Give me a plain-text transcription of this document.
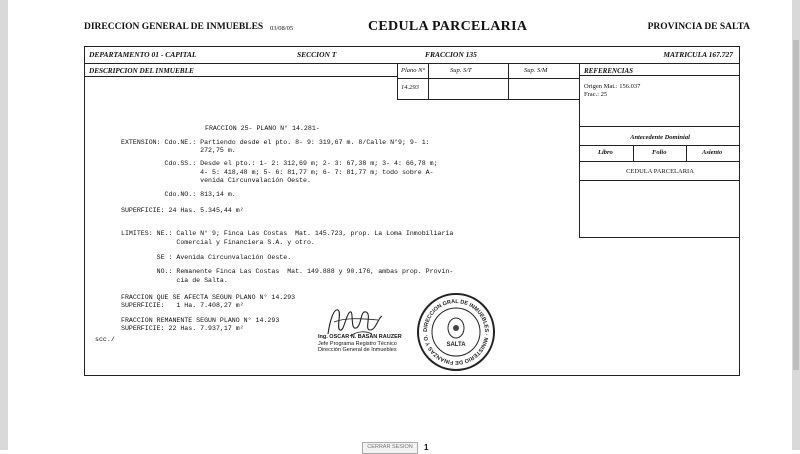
DIRECCION GENERAL DE INMUEBLES 03/08/05	CEDULA PARCELARIA	PROVINCIA DE SALTA
DEPARTAMENTO 01 - CAPITAL	SECCION T	FRACCION 135	MATRICULA 167.727
DESCRIPCION DEL INMUEBLE	Plano N°	Sup. S/T	Sup. S/M
14.293
REFERENCIAS
Origen Mat.: 156.037
Frac.: 25
Antecedente Dominial
Libro	Folio	Asiento
CEDULA PARCELARIA
FRACCION 25- PLANO N° 14.281-
EXTENSION: Cdo.NE.: Partiendo desde el pto. 8- 9: 319,67 m. 8/Calle N°9; 9- 1:
272,75 m.
Cdo.SS.: Desde el pto.: 1- 2: 312,69 m; 2- 3: 67,38 m; 3- 4: 66,78 m;
4- 5: 418,48 m; 5- 6: 81,77 m; 6- 7: 81,77 m; todo sobre A-
venida Circunvalación Oeste.
Cdo.NO.: 813,14 m.
SUPERFICIE: 24 Has. 5.345,44 m²
LIMITES: NE.: Calle N° 9; Finca Las Costas  Mat. 145.723, prop. La Loma Inmobiliaria
Comercial y Financiera S.A. y otro.
SE : Avenida Circunvalación Oeste.
NO.: Remanente Finca Las Costas  Mat. 149.888 y 90.176, ambas prop. Provin-
cia de Salta.
FRACCION QUE SE AFECTA SEGUN PLANO N° 14.293
SUPERFICIE:   1 Ha. 7.408,27 m²
FRACCION REMANENTE SEGUN PLANO N° 14.293
SUPERFICIE: 22 Has. 7.937,17 m²
scc./	Ing. OSCAR N. BASAN RAUZER
Jefe Programa Registro Técnico
Dirección General de Inmuebles
DIRECCION GRAL DE INMUEBLES · MINISTERIO DE FINANZAS Y O.
SALTA
CERRAR SESION	1
